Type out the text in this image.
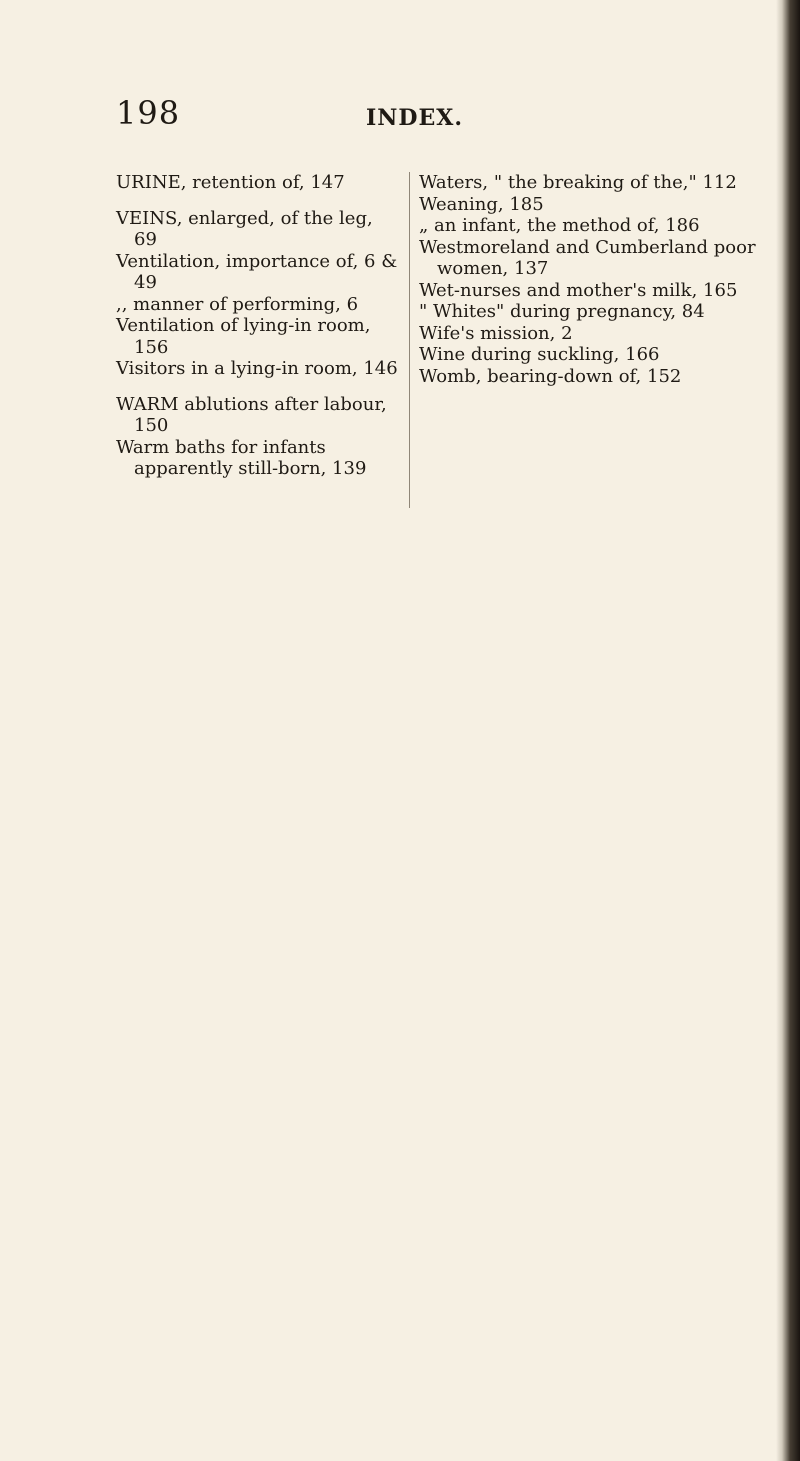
198	INDEX.

URINE, retention of, 147

VEINS, enlarged, of the leg, 69

Ventilation, importance of, 6 & 49

,, manner of performing, 6

Ventilation of lying-in room, 156

Visitors in a lying-in room, 146

WARM ablutions after labour, 150

Warm baths for infants apparently still-born, 139

Waters, " the breaking of the," 112

Weaning, 185

„ an infant, the method of, 186

Westmoreland and Cumberland poor women, 137

Wet-nurses and mother's milk, 165

" Whites" during pregnancy, 84

Wife's mission, 2

Wine during suckling, 166

Womb, bearing-down of, 152
